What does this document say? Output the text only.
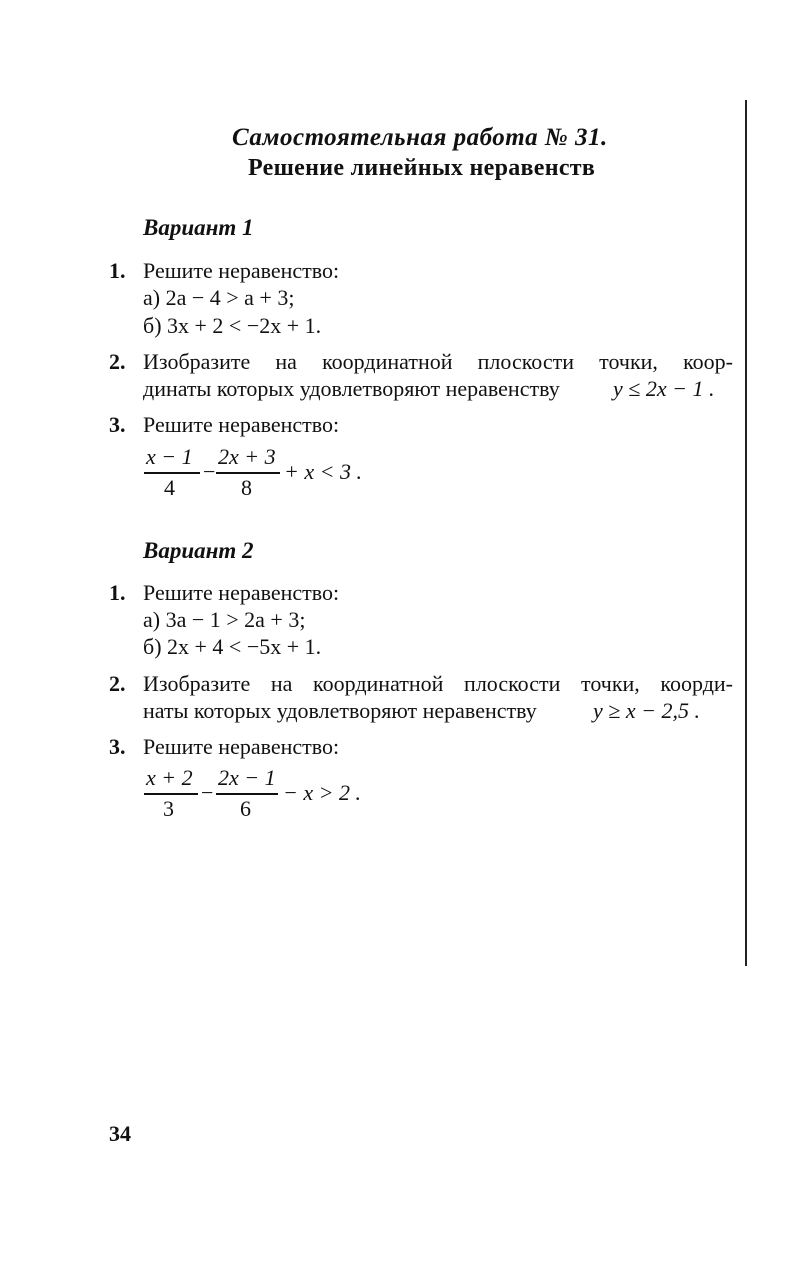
Самостоятельная работа № 31.
Решение линейных неравенств
Вариант 1
1. Решите неравенство:
а) 2a − 4 > a + 3;
б) 3x + 2 < −2x + 1.
2. Изобразите на координатной плоскости точки, коор-
динаты которых удовлетворяют неравенству y ≤ 2x − 1 .
3. Решите неравенство:
x − 1
4
−
2x + 3
8
+ x < 3 .
Вариант 2
1. Решите неравенство:
а) 3a − 1 > 2a + 3;
б) 2x + 4 < −5x + 1.
2. Изобразите на координатной плоскости точки, коорди-
наты которых удовлетворяют неравенству	y ≥ x − 2,5 .
3. Решите неравенство:
x + 2
3
−
2x − 1
6
− x > 2 .
34
